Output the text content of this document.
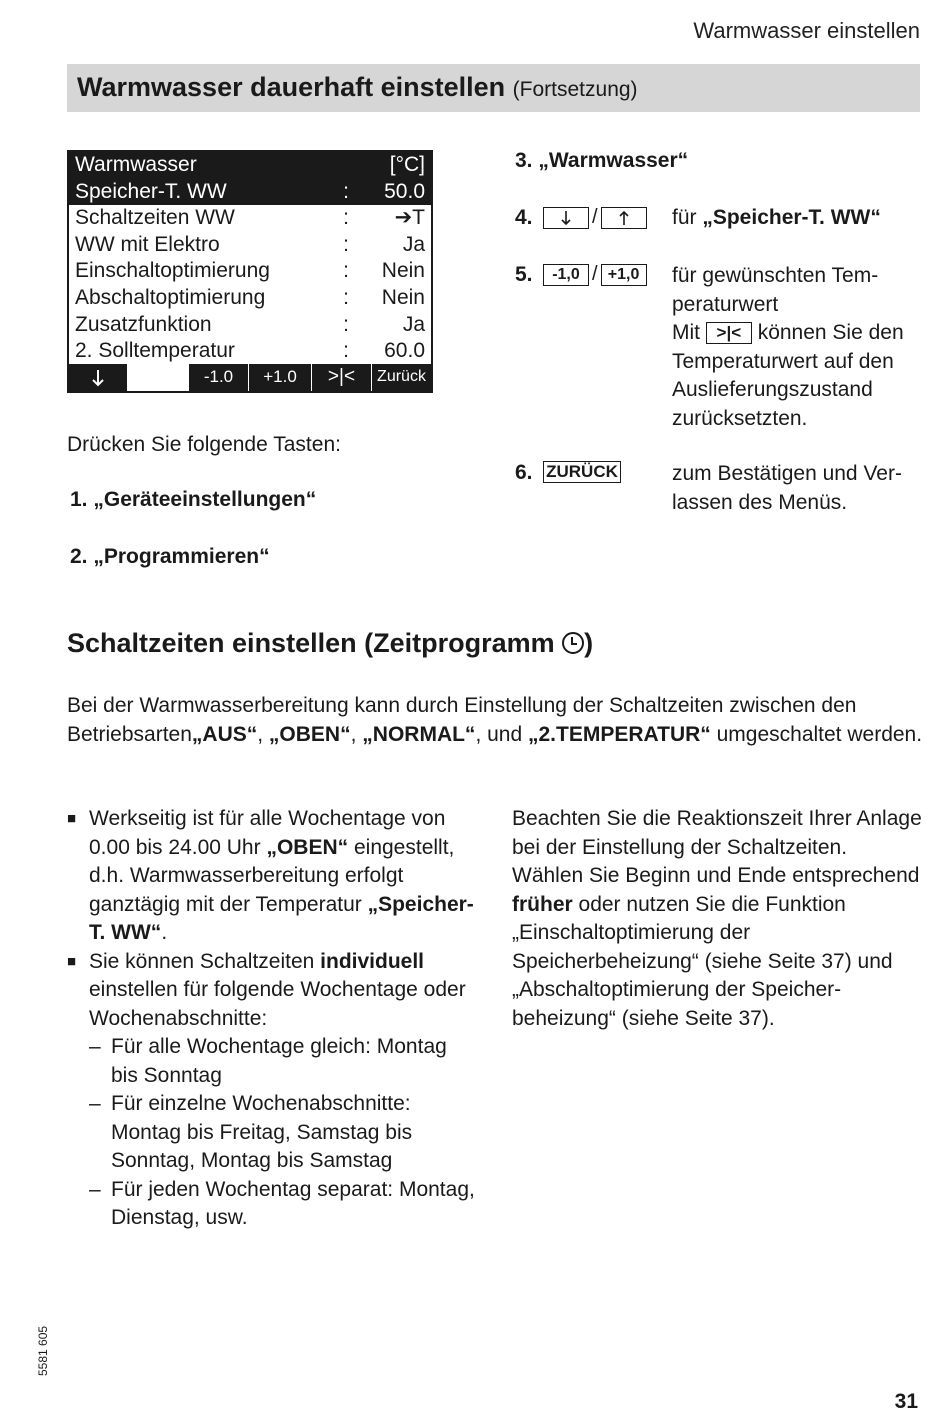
Warmwasser einstellen
Warmwasser dauerhaft einstellen (Fortsetzung)
Warmwasser	[°C]
Speicher-T. WW	:	50.0
Schaltzeiten WW	:	➔T
WW mit Elektro	:	Ja
Einschaltoptimierung	:	Nein
Abschaltoptimierung	:	Nein
Zusatzfunktion	:	Ja
2. Solltemperatur	:	60.0
-1.0	+1.0	>|<	Zurück
Drücken Sie folgende Tasten:
1. „Geräteeinstellungen“
2. „Programmieren“
3. „Warmwasser“
4.	/	für „Speicher-T. WW“
5.	-1,0 / +1,0	für gewünschten Tem-
peraturwert
Mit >|< können Sie den
Temperaturwert auf den
Auslieferungszustand
zurücksetzten.
6. ZURÜCK	zum Bestätigen und Ver-
lassen des Menüs.
Schaltzeiten einstellen (Zeitprogramm )
Bei der Warmwasserbereitung kann durch Einstellung der Schaltzeiten zwischen den Betriebsarten„AUS“, „OBEN“, „NORMAL“, und „2.TEMPERATUR“ umgeschaltet werden.
■ Werkseitig ist für alle Wochentage von 0.00 bis 24.00 Uhr „OBEN“ eingestellt, d.h. Warmwasserbereitung erfolgt ganztägig mit der Temperatur „Speicher-T. WW“.
■ Sie können Schaltzeiten individuell einstellen für folgende Wochentage oder Wochenabschnitte:
– Für alle Wochentage gleich: Montag bis Sonntag
– Für einzelne Wochenabschnitte: Montag bis Freitag, Samstag bis Sonntag, Montag bis Samstag
– Für jeden Wochentag separat: Montag, Dienstag, usw.
Beachten Sie die Reaktionszeit Ihrer Anlage bei der Einstellung der Schaltzeiten. Wählen Sie Beginn und Ende entsprechend früher oder nutzen Sie die Funktion „Einschaltoptimierung der Speicherbeheizung“ (siehe Seite 37) und „Abschaltoptimierung der Speicherbeheizung“ (siehe Seite 37).
5581 605
31
